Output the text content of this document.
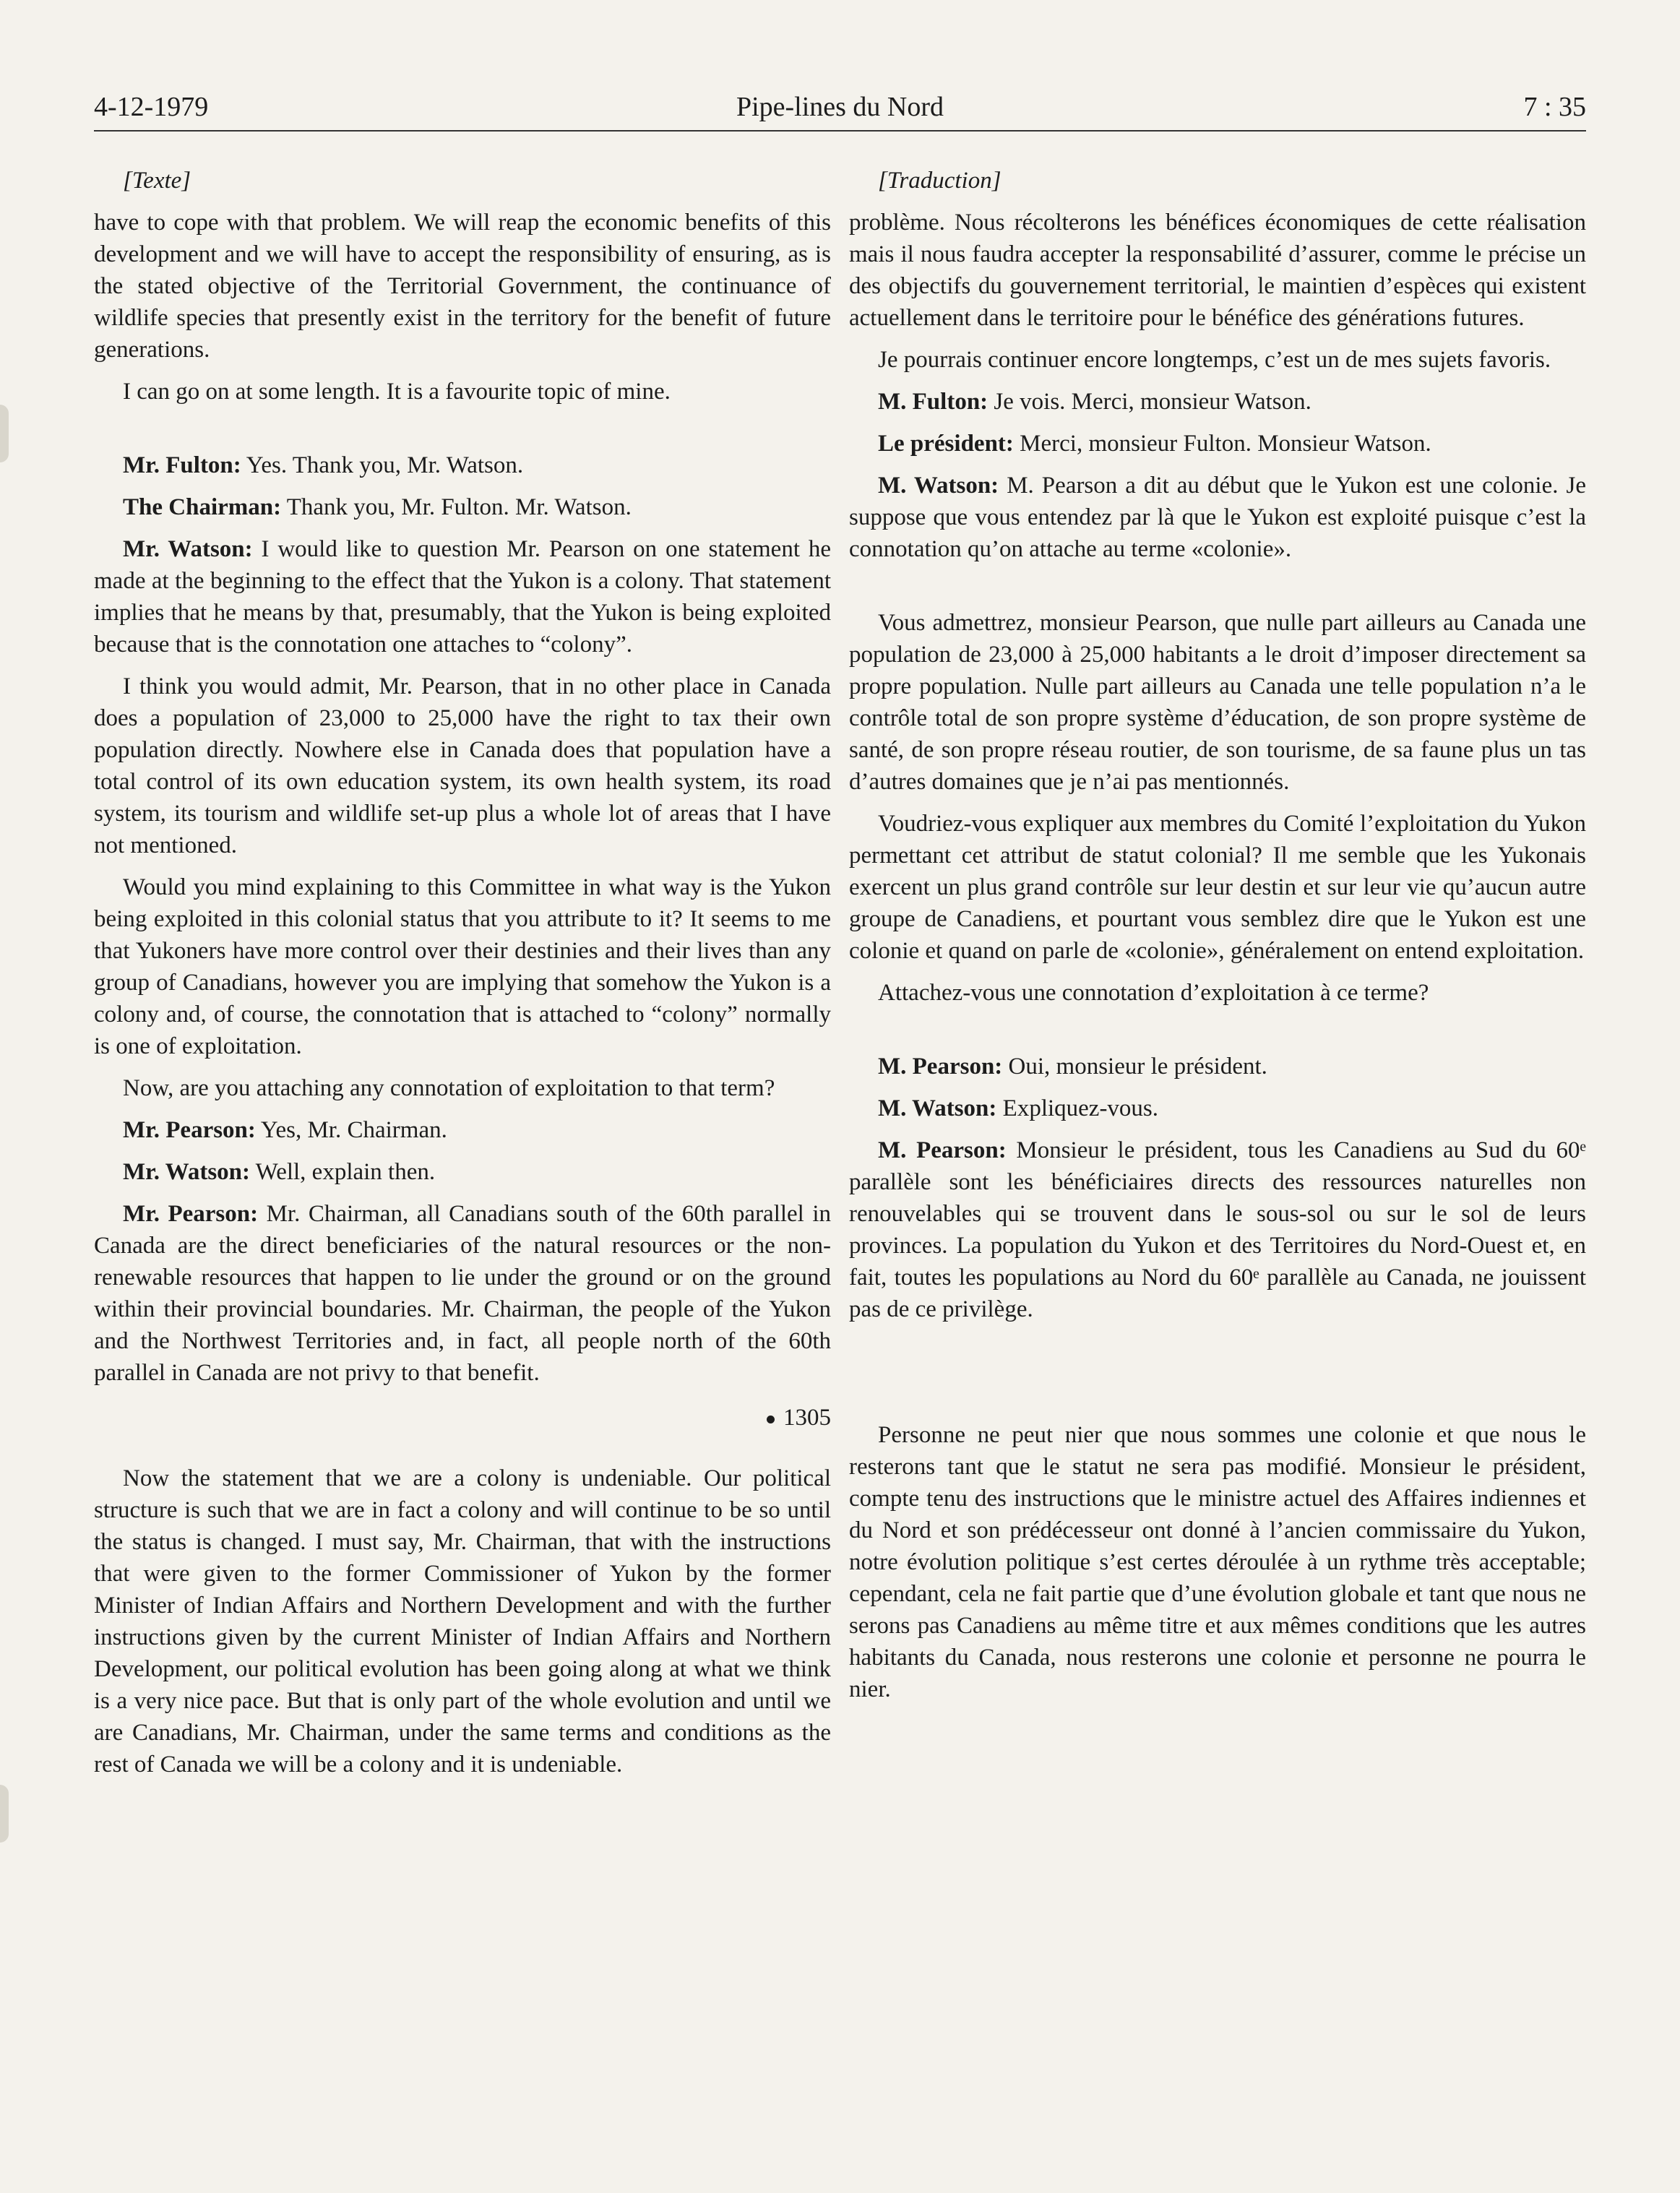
4-12-1979	Pipe-lines du Nord	7 : 35

[Texte]

have to cope with that problem. We will reap the economic benefits of this development and we will have to accept the responsibility of ensuring, as is the stated objective of the Territorial Government, the continuance of wildlife species that presently exist in the territory for the benefit of future generations.

I can go on at some length. It is a favourite topic of mine.

Mr. Fulton: Yes. Thank you, Mr. Watson.

The Chairman: Thank you, Mr. Fulton. Mr. Watson.

Mr. Watson: I would like to question Mr. Pearson on one statement he made at the beginning to the effect that the Yukon is a colony. That statement implies that he means by that, presumably, that the Yukon is being exploited because that is the connotation one attaches to “colony”.

I think you would admit, Mr. Pearson, that in no other place in Canada does a population of 23,000 to 25,000 have the right to tax their own population directly. Nowhere else in Canada does that population have a total control of its own education system, its own health system, its road system, its tourism and wildlife set-up plus a whole lot of areas that I have not mentioned.

Would you mind explaining to this Committee in what way is the Yukon being exploited in this colonial status that you attribute to it? It seems to me that Yukoners have more control over their destinies and their lives than any group of Canadians, however you are implying that somehow the Yukon is a colony and, of course, the connotation that is attached to “colony” normally is one of exploitation.

Now, are you attaching any connotation of exploitation to that term?

Mr. Pearson: Yes, Mr. Chairman.

Mr. Watson: Well, explain then.

Mr. Pearson: Mr. Chairman, all Canadians south of the 60th parallel in Canada are the direct beneficiaries of the natural resources or the non-renewable resources that happen to lie under the ground or on the ground within their provincial boundaries. Mr. Chairman, the people of the Yukon and the Northwest Territories and, in fact, all people north of the 60th parallel in Canada are not privy to that benefit.

1305

Now the statement that we are a colony is undeniable. Our political structure is such that we are in fact a colony and will continue to be so until the status is changed. I must say, Mr. Chairman, that with the instructions that were given to the former Commissioner of Yukon by the former Minister of Indian Affairs and Northern Development and with the further instructions given by the current Minister of Indian Affairs and Northern Development, our political evolution has been going along at what we think is a very nice pace. But that is only part of the whole evolution and until we are Canadians, Mr. Chairman, under the same terms and conditions as the rest of Canada we will be a colony and it is undeniable.

[Traduction]

problème. Nous récolterons les bénéfices économiques de cette réalisation mais il nous faudra accepter la responsabilité d’assurer, comme le précise un des objectifs du gouvernement territorial, le maintien d’espèces qui existent actuellement dans le territoire pour le bénéfice des générations futures.

Je pourrais continuer encore longtemps, c’est un de mes sujets favoris.

M. Fulton: Je vois. Merci, monsieur Watson.

Le président: Merci, monsieur Fulton. Monsieur Watson.

M. Watson: M. Pearson a dit au début que le Yukon est une colonie. Je suppose que vous entendez par là que le Yukon est exploité puisque c’est la connotation qu’on attache au terme «colonie».

Vous admettrez, monsieur Pearson, que nulle part ailleurs au Canada une population de 23,000 à 25,000 habitants a le droit d’imposer directement sa propre population. Nulle part ailleurs au Canada une telle population n’a le contrôle total de son propre système d’éducation, de son propre système de santé, de son propre réseau routier, de son tourisme, de sa faune plus un tas d’autres domaines que je n’ai pas mentionnés.

Voudriez-vous expliquer aux membres du Comité l’exploitation du Yukon permettant cet attribut de statut colonial? Il me semble que les Yukonais exercent un plus grand contrôle sur leur destin et sur leur vie qu’aucun autre groupe de Canadiens, et pourtant vous semblez dire que le Yukon est une colonie et quand on parle de «colonie», généralement on entend exploitation.

Attachez-vous une connotation d’exploitation à ce terme?

M. Pearson: Oui, monsieur le président.

M. Watson: Expliquez-vous.

M. Pearson: Monsieur le président, tous les Canadiens au Sud du 60ᵉ parallèle sont les bénéficiaires directs des ressources naturelles non renouvelables qui se trouvent dans le sous-sol ou sur le sol de leurs provinces. La population du Yukon et des Territoires du Nord-Ouest et, en fait, toutes les populations au Nord du 60ᵉ parallèle au Canada, ne jouissent pas de ce privilège.

Personne ne peut nier que nous sommes une colonie et que nous le resterons tant que le statut ne sera pas modifié. Monsieur le président, compte tenu des instructions que le ministre actuel des Affaires indiennes et du Nord et son prédécesseur ont donné à l’ancien commissaire du Yukon, notre évolution politique s’est certes déroulée à un rythme très acceptable; cependant, cela ne fait partie que d’une évolution globale et tant que nous ne serons pas Canadiens au même titre et aux mêmes conditions que les autres habitants du Canada, nous resterons une colonie et personne ne pourra le nier.
